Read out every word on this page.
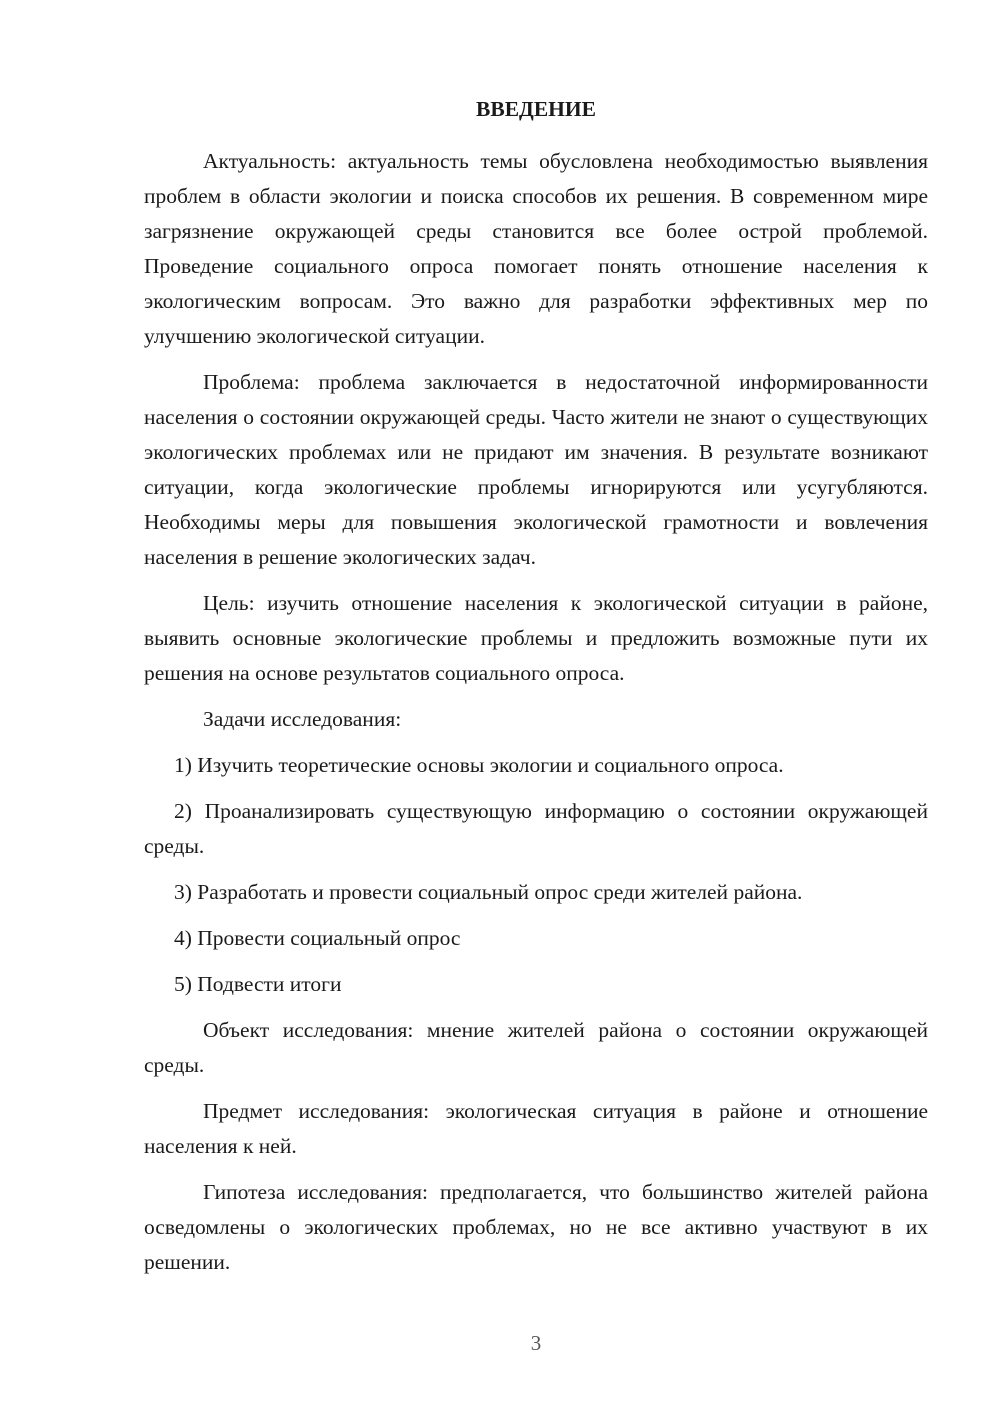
ВВЕДЕНИЕ
Актуальность: актуальность темы обусловлена необходимостью выявления проблем в области экологии и поиска способов их решения. В современном мире загрязнение окружающей среды становится все более острой проблемой. Проведение социального опроса помогает понять отношение населения к экологическим вопросам. Это важно для разработки эффективных мер по улучшению экологической ситуации.
Проблема: проблема заключается в недостаточной информированности населения о состоянии окружающей среды. Часто жители не знают о существующих экологических проблемах или не придают им значения. В результате возникают ситуации, когда экологические проблемы игнорируются или усугубляются. Необходимы меры для повышения экологической грамотности и вовлечения населения в решение экологических задач.
Цель: изучить отношение населения к экологической ситуации в районе, выявить основные экологические проблемы и предложить возможные пути их решения на основе результатов социального опроса.
Задачи исследования:
1) Изучить теоретические основы экологии и социального опроса.
2) Проанализировать существующую информацию о состоянии окружающей среды.
3) Разработать и провести социальный опрос среди жителей района.
4) Провести социальный опрос
5) Подвести итоги
Объект исследования: мнение жителей района о состоянии окружающей среды.
Предмет исследования: экологическая ситуация в районе и отношение населения к ней.
Гипотеза исследования: предполагается, что большинство жителей района осведомлены о экологических проблемах, но не все активно участвуют в их решении.
3
